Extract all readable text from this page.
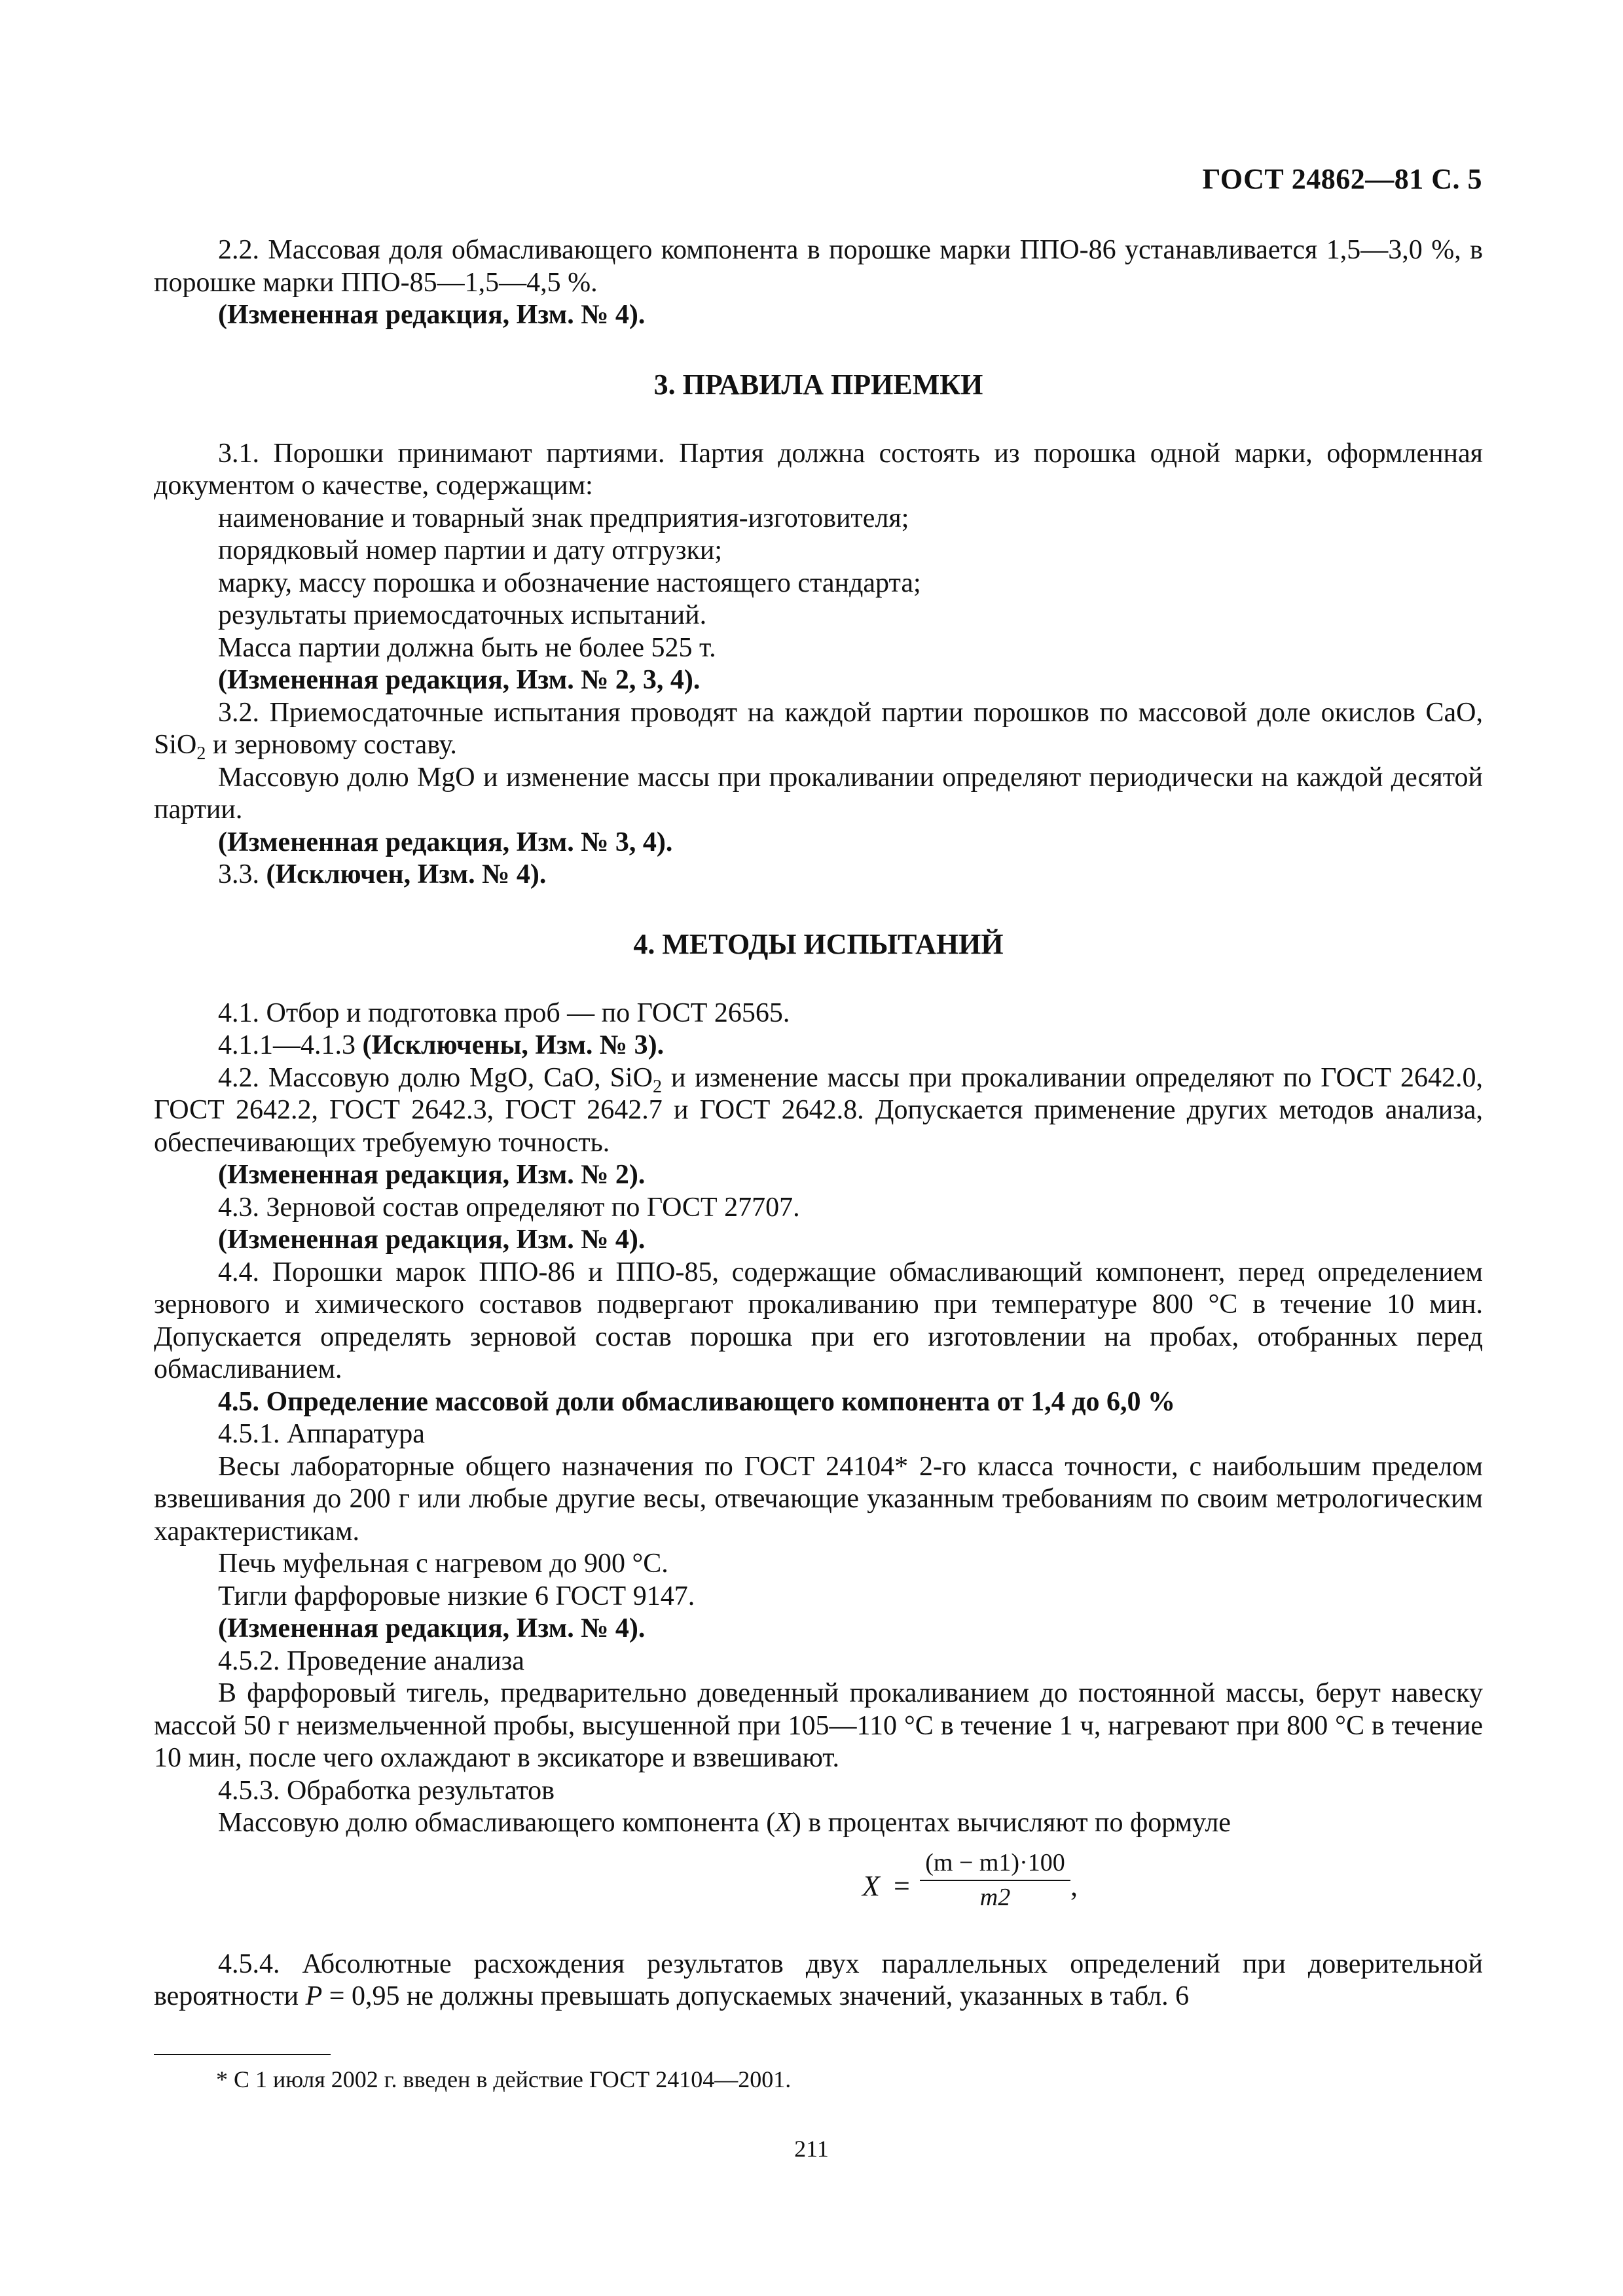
ГОСТ 24862—81 С. 5

2.2. Массовая доля обмасливающего компонента в порошке марки ППО-86 устанавливается 1,5—3,0 %, в порошке марки ППО-85—1,5—4,5 %.

(Измененная редакция, Изм. № 4).

3. ПРАВИЛА ПРИЕМКИ

3.1. Порошки принимают партиями. Партия должна состоять из порошка одной марки, оформленная документом о качестве, содержащим:

наименование и товарный знак предприятия-изготовителя;

порядковый номер партии и дату отгрузки;

марку, массу порошка и обозначение настоящего стандарта;

результаты приемосдаточных испытаний.

Масса партии должна быть не более 525 т.

(Измененная редакция, Изм. № 2, 3, 4).

3.2. Приемосдаточные испытания проводят на каждой партии порошков по массовой доле окислов CaO, SiO$_2$ и зерновому составу.

Массовую долю MgO и изменение массы при прокаливании определяют периодически на каждой десятой партии.

(Измененная редакция, Изм. № 3, 4).

3.3. (Исключен, Изм. № 4).

4. МЕТОДЫ ИСПЫТАНИЙ

4.1. Отбор и подготовка проб — по ГОСТ 26565.

4.1.1—4.1.3 (Исключены, Изм. № 3).

4.2. Массовую долю MgO, CaO, SiO$_2$ и изменение массы при прокаливании определяют по ГОСТ 2642.0, ГОСТ 2642.2, ГОСТ 2642.3, ГОСТ 2642.7 и ГОСТ 2642.8. Допускается применение других методов анализа, обеспечивающих требуемую точность.

(Измененная редакция, Изм. № 2).

4.3. Зерновой состав определяют по ГОСТ 27707.

(Измененная редакция, Изм. № 4).

4.4. Порошки марок ППО-86 и ППО-85, содержащие обмасливающий компонент, перед определением зернового и химического составов подвергают прокаливанию при температуре 800 °С в течение 10 мин. Допускается определять зерновой состав порошка при его изготовлении на пробах, отобранных перед обмасливанием.

4.5. Определение массовой доли обмасливающего компонента от 1,4 до 6,0 %

4.5.1. Аппаратура

Весы лабораторные общего назначения по ГОСТ 24104* 2-го класса точности, с наибольшим пределом взвешивания до 200 г или любые другие весы, отвечающие указанным требованиям по своим метрологическим характеристикам.

Печь муфельная с нагревом до 900 °С.

Тигли фарфоровые низкие 6 ГОСТ 9147.

(Измененная редакция, Изм. № 4).

4.5.2. Проведение анализа

В фарфоровый тигель, предварительно доведенный прокаливанием до постоянной массы, берут навеску массой 50 г неизмельченной пробы, высушенной при 105—110 °С в течение 1 ч, нагревают при 800 °С в течение 10 мин, после чего охлаждают в эксикаторе и взвешивают.

4.5.3. Обработка результатов

Массовую долю обмасливающего компонента (X) в процентах вычисляют по формуле

$X = \frac{(m - m1)\cdot 100}{m2}$ ,

4.5.4. Абсолютные расхождения результатов двух параллельных определений при доверительной вероятности P = 0,95 не должны превышать допускаемых значений, указанных в табл. 6

* С 1 июля 2002 г. введен в действие ГОСТ 24104—2001.
211
